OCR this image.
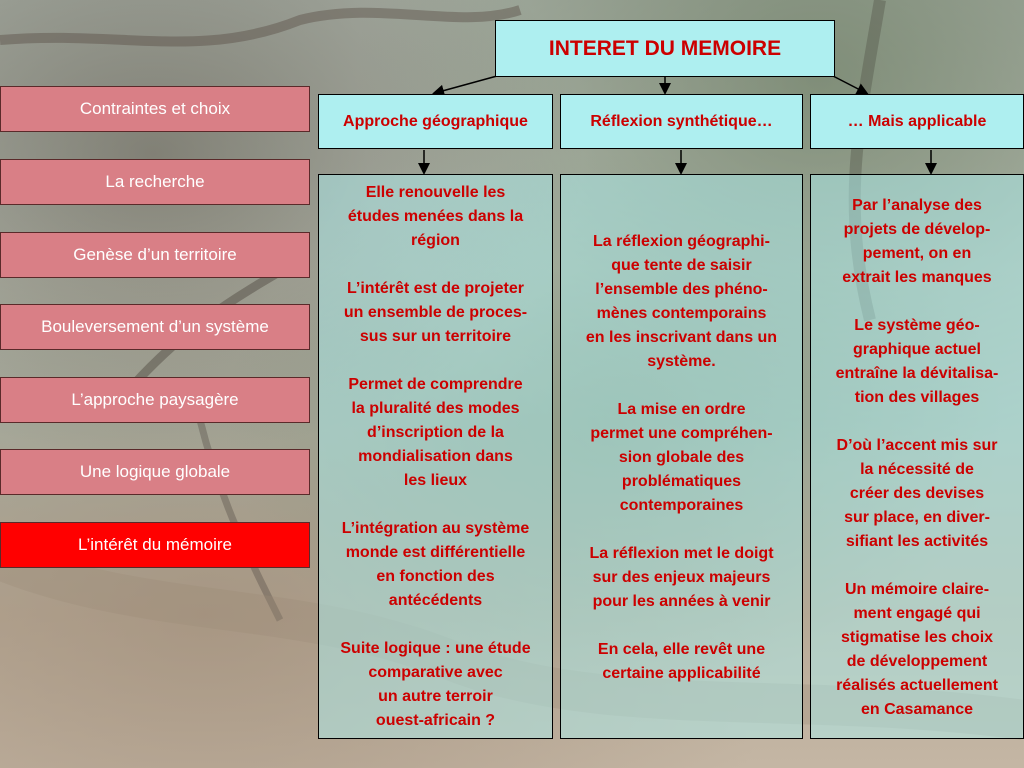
Contraintes et choix
La recherche
Genèse d’un territoire
Bouleversement d’un système
L’approche paysagère
Une logique globale
L’intérêt du mémoire
INTERET DU MEMOIRE
Approche géographique	Réflexion synthétique…	… Mais applicable

Elle renouvelle les
études menées dans la
région

L’intérêt est de projeter
un ensemble de proces-
sus sur un territoire

Permet de comprendre
la pluralité des modes
d’inscription de la
mondialisation dans
les lieux

L’intégration au système
monde est différentielle
en fonction des
antécédents

Suite logique : une étude
comparative avec
un autre terroir
ouest-africain ?

La réflexion géographi-
que tente de saisir
l’ensemble des phéno-
mènes contemporains
en les inscrivant dans un
système.

La mise en ordre
permet une compréhen-
sion globale des
problématiques
contemporaines

La réflexion met le doigt
sur des enjeux majeurs
pour les années à venir

En cela, elle revêt une
certaine applicabilité

Par l’analyse des
projets de dévelop-
pement, on en
extrait les manques

Le système géo-
graphique actuel
entraîne la dévitalisa-
tion des villages

D’où l’accent mis sur
la nécessité de
créer des devises
sur place, en diver-
sifiant les activités

Un mémoire claire-
ment engagé qui
stigmatise les choix
de développement
réalisés actuellement
en Casamance
